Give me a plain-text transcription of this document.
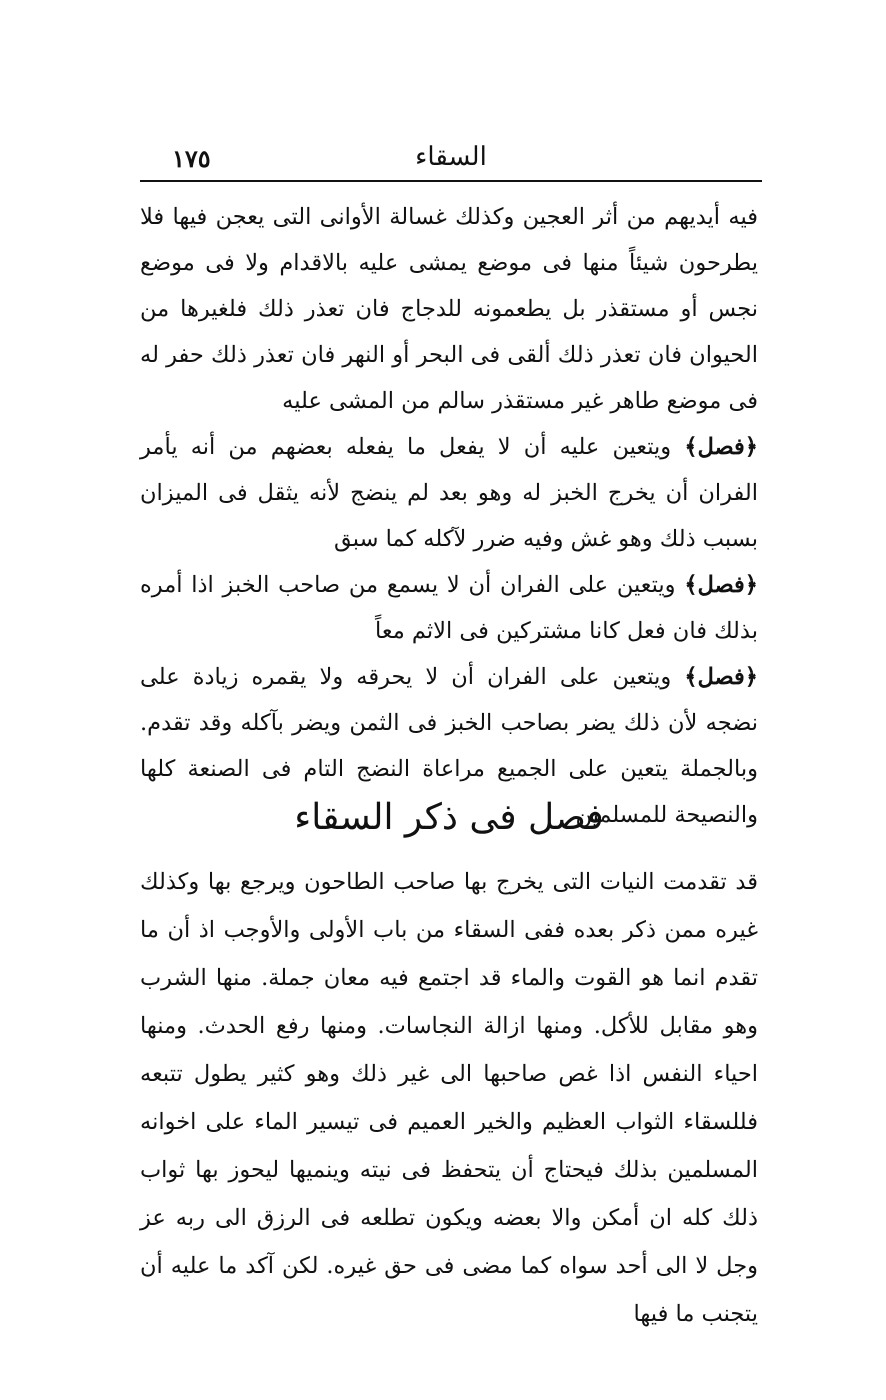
١٧٥	السقاء

فيه أيديهم من أثر العجين وكذلك غسالة الأوانى التى يعجن فيها فلا يطرحون شيئاً منها فى موضع يمشى عليه بالاقدام ولا فى موضع نجس أو مستقذر بل يطعمونه للدجاج فان تعذر ذلك فلغيرها من الحيوان فان تعذر ذلك ألقى فى البحر أو النهر فان تعذر ذلك حفر له فى موضع طاهر غير مستقذر سالم من المشى عليه

﴿فصل﴾ ويتعين عليه أن لا يفعل ما يفعله بعضهم من أنه يأمر الفران أن يخرج الخبز له وهو بعد لم ينضج لأنه يثقل فى الميزان بسبب ذلك وهو غش وفيه ضرر لآكله كما سبق

﴿فصل﴾ ويتعين على الفران أن لا يسمع من صاحب الخبز اذا أمره بذلك فان فعل كانا مشتركين فى الاثم معاً

﴿فصل﴾ ويتعين على الفران أن لا يحرقه ولا يقمره زيادة على نضجه لأن ذلك يضر بصاحب الخبز فى الثمن ويضر بآكله وقد تقدم. وبالجملة يتعين على الجميع مراعاة النضج التام فى الصنعة كلها والنصيحة للمسلمين

فصل فى ذكر السقاء

قد تقدمت النيات التى يخرج بها صاحب الطاحون ويرجع بها وكذلك غيره ممن ذكر بعده ففى السقاء من باب الأولى والأوجب اذ أن ما تقدم انما هو القوت والماء قد اجتمع فيه معان جملة. منها الشرب وهو مقابل للأكل. ومنها ازالة النجاسات. ومنها رفع الحدث. ومنها احياء النفس اذا غص صاحبها الى غير ذلك وهو كثير يطول تتبعه فللسقاء الثواب العظيم والخير العميم فى تيسير الماء على اخوانه المسلمين بذلك فيحتاج أن يتحفظ فى نيته وينميها ليحوز بها ثواب ذلك كله ان أمكن والا بعضه ويكون تطلعه فى الرزق الى ربه عز وجل لا الى أحد سواه كما مضى فى حق غيره. لكن آكد ما عليه أن يتجنب ما فيها
